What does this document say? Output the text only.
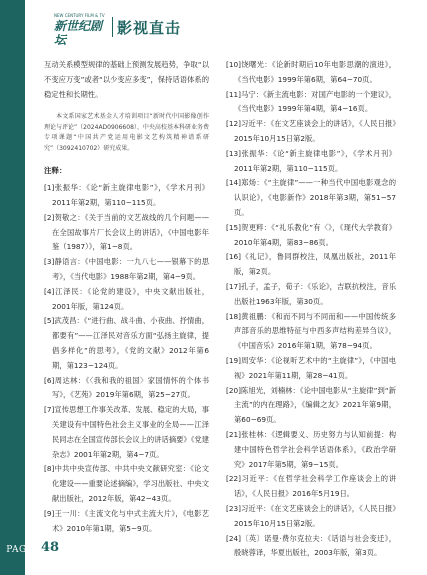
NEW CENTURY FILM & TV
新世纪剧坛
影视直击

互动关系模型规律的基础上预测发展趋势，争取“以不变应万变”或者“以少变应多变”，保持话语体系的稳定性和长期性。

本文系国家艺术基金人才培训项目“新时代中国影像创作理论与评论”（2024AD0906608）、中央高校基本科研业务费专项课题“中国共产党运用电影文艺构筑精神谱系研究”（3092410702）研究成果。
注释：

[1]张振华：《论“新主旋律电影”》，《学术月刊》2011年第2期，第110−115页。

[2]贺敬之：《关于当前的文艺战线的几个问题——在全国故事片厂长会议上的讲话》，《中国电影年鉴（1987）》，第1−8页。

[3]静语言：《中国电影：一九八七——银幕下的思考》，《当代电影》1988年第2期，第4−9页。

[4]江泽民：《论党的建设》，中央文献出版社，2001年版，第124页。

[5]武茂昌：《“进行曲、战斗曲、小夜曲、抒情曲，都要有”——江泽民对音乐方面“弘扬主旋律，提倡多样化”的思考》，《党的文献》2012年第6期，第123−124页。

[6]周达林：《〈我和我的祖国〉家国情怀的个体书写》，《艺苑》2019年第6期，第25−27页。

[7]宣传思想工作事关改革、发展、稳定的大局，事关建设有中国特色社会主义事业的全局——江泽民同志在全国宣传部长会议上的讲话摘要》《党建杂志》2001年第2期，第4−7页。

[8]中共中央宣传部、中共中央文献研究室：《论文化建设——重要论述摘编》，学习出版社、中央文献出版社，2012年版，第42−43页。

[9]王一川：《主流文化与中式主流大片》，《电影艺术》2010年第1期，第5−9页。

[10]饶曙光：《论新时期后10年电影思潮的演进》，《当代电影》1999年第6期，第64−70页。

[11]马宁：《新主流电影：对国产电影的一个建议》，《当代电影》1999年第4期，第4−16页。

[12]习近平：《在文艺座谈会上的讲话》，《人民日报》2015年10月15日第2版。

[13]张振华：《论“新主旋律电影”》，《学术月刊》2011年第2期，第110−115页。

[14]郑炀：《“主旋律”——一种当代中国电影观念的认识论》，《电影新作》2018年第3期，第51−57页。

[15]贺更粹：《“礼乐教化”有〈》，《现代大学教育》2010年第4期，第83−86页。

[16]《礼记》，鲁同群校注，凤凰出版社，2011年版，第2页。

[17]孔子，孟子，荀子：《乐论》，吉联抗校注，音乐出版社1963年版，第30页。

[18]黄祖鹏：《和而不同与不同而和——中国传统多声部音乐的思维特征与中西多声结构差异刍议》，《中国音乐》2016年第1期，第78−94页。

[19]周安华：《论视听艺术中的“主旋律”》，《中国电视》2021年第11期，第28−41页。

[20]陈旭光，刘楠林：《论中国电影从“主旋律”到“新主流”的内在理路》，《编辑之友》2021年第9期，第60−69页。

[21]张桂林：《逻辑要义、历史努力与认知前提：构建中国特色哲学社会科学话语体系》，《政治学研究》2017年第5期，第9−15页。

[22]习近平：《在哲学社会科学工作座谈会上的讲话》，《人民日报》2016年5月19日。

[23]习近平：《在文艺座谈会上的讲话》，《人民日报》2015年10月15日第2版。

[24]〔英〕诺曼·费尔克拉夫：《话语与社会变迁》，殷晓蓉译，华夏出版社，2003年版，第3页。

PAGE 48
